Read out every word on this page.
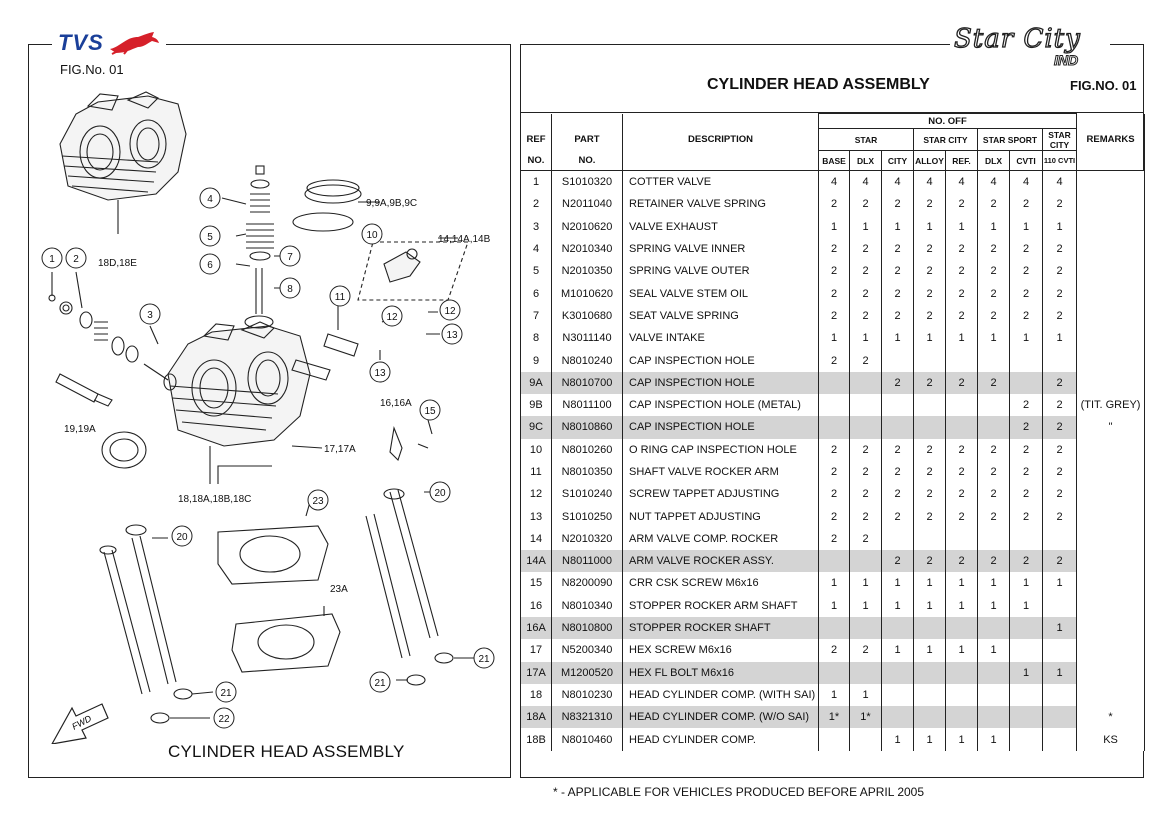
TVS
FIG.No. 01
FWD
4
5
6
7
8
10
11
12
12
13
13
1 2
3
15
23
20
20
21
21
21
22
18D,18E
9,9A,9B,9C
14,14A,14B
19,19A
16,16A
17,17A
18,18A,18B,18C
23A
CYLINDER HEAD ASSEMBLY
Star City
IND
CYLINDER HEAD ASSEMBLY	FIG.NO. 01
			NO. OFF								
REF	PART	DESCRIPTION	STAR			STAR CITY		STAR SPORT		STAR CITY	REMARKS
NO.	NO.		BASE	DLX	CITY	ALLOY	REF.	DLX	CVTI	110 CVTI	
1	S1010320	COTTER VALVE	4	4	4	4	4	4	4	4	
2	N2011040	RETAINER VALVE SPRING	2	2	2	2	2	2	2	2	
3	N2010620	VALVE EXHAUST	1	1	1	1	1	1	1	1	
4	N2010340	SPRING VALVE INNER	2	2	2	2	2	2	2	2	
5	N2010350	SPRING VALVE OUTER	2	2	2	2	2	2	2	2	
6	M1010620	SEAL VALVE STEM OIL	2	2	2	2	2	2	2	2	
7	K3010680	SEAT VALVE SPRING	2	2	2	2	2	2	2	2	
8	N3011140	VALVE INTAKE	1	1	1	1	1	1	1	1	
9	N8010240	CAP INSPECTION HOLE	2	2							
9A	N8010700	CAP INSPECTION HOLE			2	2	2	2		2	
9B	N8011100	CAP INSPECTION HOLE (METAL)							2	2	(TIT. GREY)
9C	N8010860	CAP INSPECTION HOLE							2	2	"
10	N8010260	O RING CAP INSPECTION HOLE	2	2	2	2	2	2	2	2	
11	N8010350	SHAFT VALVE ROCKER ARM	2	2	2	2	2	2	2	2	
12	S1010240	SCREW TAPPET ADJUSTING	2	2	2	2	2	2	2	2	
13	S1010250	NUT TAPPET ADJUSTING	2	2	2	2	2	2	2	2	
14	N2010320	ARM VALVE COMP. ROCKER	2	2							
14A	N8011000	ARM VALVE ROCKER ASSY.			2	2	2	2	2	2	
15	N8200090	CRR CSK SCREW M6x16	1	1	1	1	1	1	1	1	
16	N8010340	STOPPER ROCKER ARM SHAFT	1	1	1	1	1	1	1		
16A	N8010800	STOPPER ROCKER SHAFT								1	
17	N5200340	HEX SCREW M6x16	2	2	1	1	1	1			
17A	M1200520	HEX FL BOLT M6x16							1	1	
18	N8010230	HEAD CYLINDER COMP. (WITH SAI)	1	1							
18A	N8321310	HEAD CYLINDER COMP. (W/O SAI)	1*	1*							*
18B	N8010460	HEAD CYLINDER COMP.			1	1	1	1			KS
* - APPLICABLE FOR VEHICLES PRODUCED BEFORE APRIL 2005
